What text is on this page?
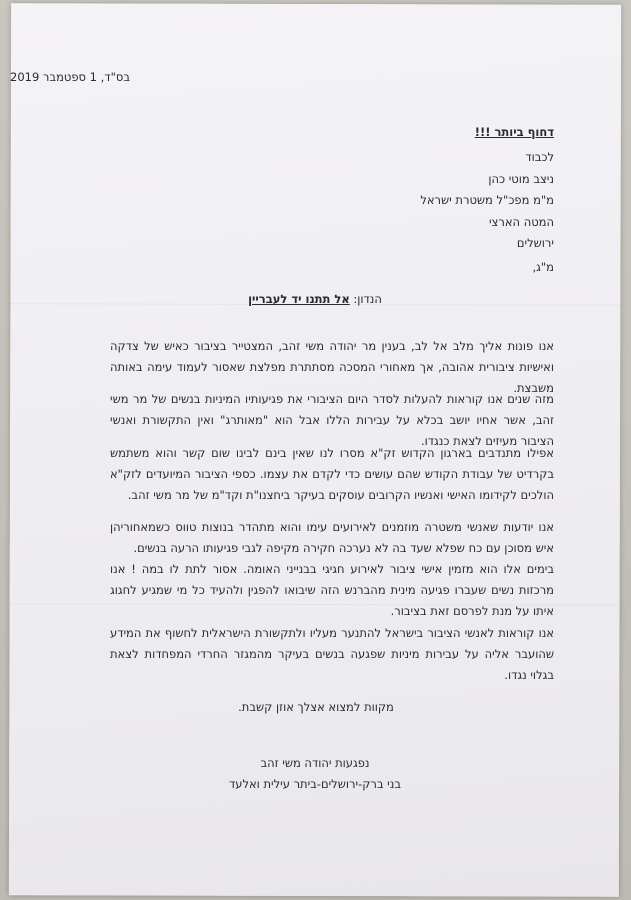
בס"ד, 1 ספטמבר 2019
דחוף ביותר !!!
לכבוד
ניצב מוטי כהן
מ"מ מפכ"ל משטרת ישראל
המטה הארצי
ירושלים
מ"ג,
הנדון: אל תתנו יד לעבריין
אנו פונות אליך מלב אל לב, בענין מר יהודה משי זהב, המצטייר בציבור כאיש של צדקה ואישיות ציבורית אהובה, אך מאחורי המסכה מסתתרת מפלצת שאסור לעמוד עימה באותה משבצת.
מזה שנים אנו קוראות להעלות לסדר היום הציבורי את פגיעותיו המיניות בנשים של מר משי זהב, אשר אחיו יושב בכלא על עבירות הללו אבל הוא "מאותרג" ואין התקשורת ואנשי הציבור מעיזים לצאת כנגדו.
אפילו מתנדבים בארגון הקדוש זק"א מסרו לנו שאין בינם לבינו שום קשר והוא משתמש בקרדיט של עבודת הקודש שהם עושים כדי לקדם את עצמו. כספי הציבור המיועדים לזק"א הולכים לקידומו האישי ואנשיו הקרובים עוסקים בעיקר ביחצנו"ת וקד"מ של מר משי זהב.
אנו יודעות שאנשי משטרה מוזמנים לאירועים עימו והוא מתהדר בנוצות טווס כשמאחוריהן איש מסוכן עם כח שפלא שעד בה לא נערכה חקירה מקיפה לגבי פגיעותו הרעה בנשים.
בימים אלו הוא מזמין אישי ציבור לאירוע חגיגי בבנייני האומה. אסור לתת לו במה ! אנו מרכזות נשים שעברו פגיעה מינית מהברנש הזה שיבואו להפגין ולהעיד כל מי שמגיע לחגוג איתו על מנת לפרסם זאת בציבור.
אנו קוראות לאנשי הציבור בישראל להתנער מעליו ולתקשורת הישראלית לחשוף את המידע שהועבר אליה על עבירות מיניות שפגעה בנשים בעיקר מהמגזר החרדי המפחדות לצאת בגלוי נגדו.
מקוות למצוא אצלך אוזן קשבת.
נפגעות יהודה משי זהב
בני ברק-ירושלים-ביתר עילית ואלעד
